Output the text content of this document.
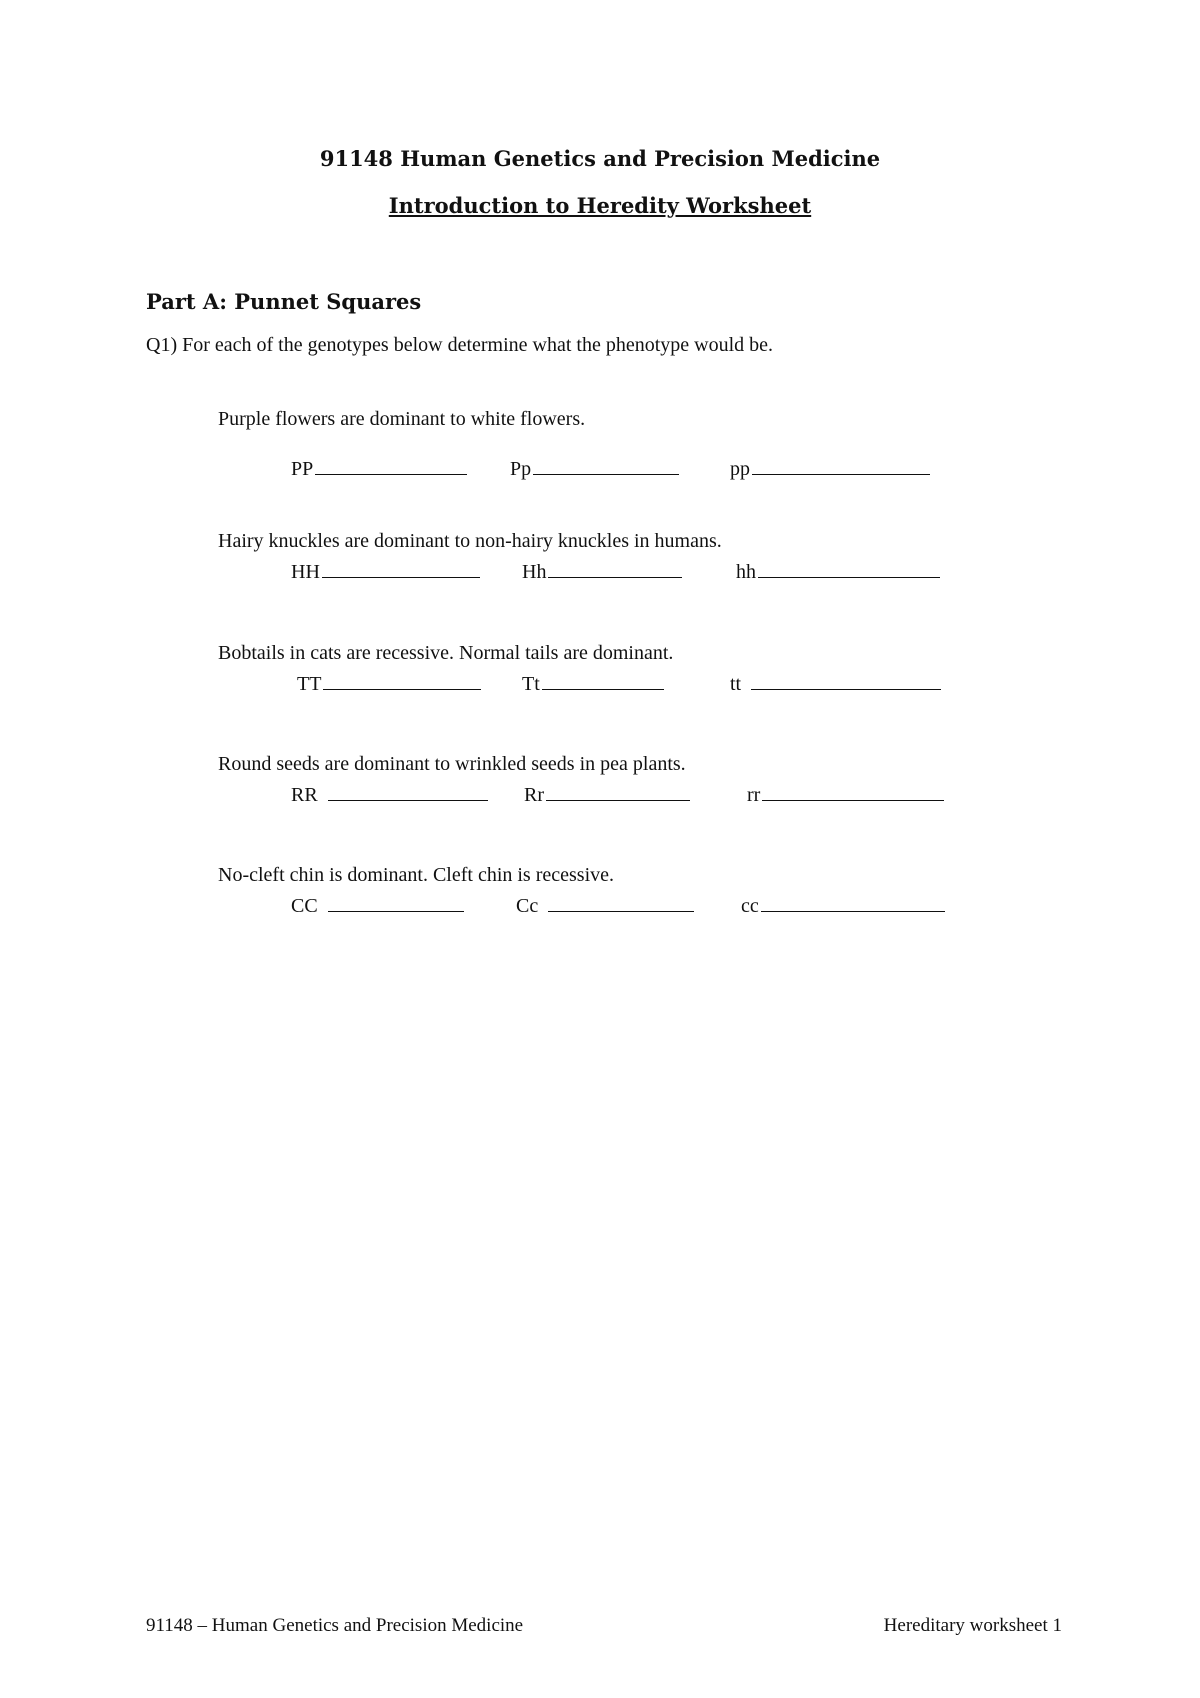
91148 Human Genetics and Precision Medicine
Introduction to Heredity Worksheet
Part A: Punnet Squares
Q1) For each of the genotypes below determine what the phenotype would be.
Purple flowers are dominant to white flowers.
PP	Pp	pp
Hairy knuckles are dominant to non-hairy knuckles in humans.
HH	Hh	hh
Bobtails in cats are recessive. Normal tails are dominant.
TT	Tt	tt
Round seeds are dominant to wrinkled seeds in pea plants.
RR	Rr	rr
No-cleft chin is dominant. Cleft chin is recessive.
CC	Cc	cc
91148 – Human Genetics and Precision Medicine	Hereditary worksheet 1
